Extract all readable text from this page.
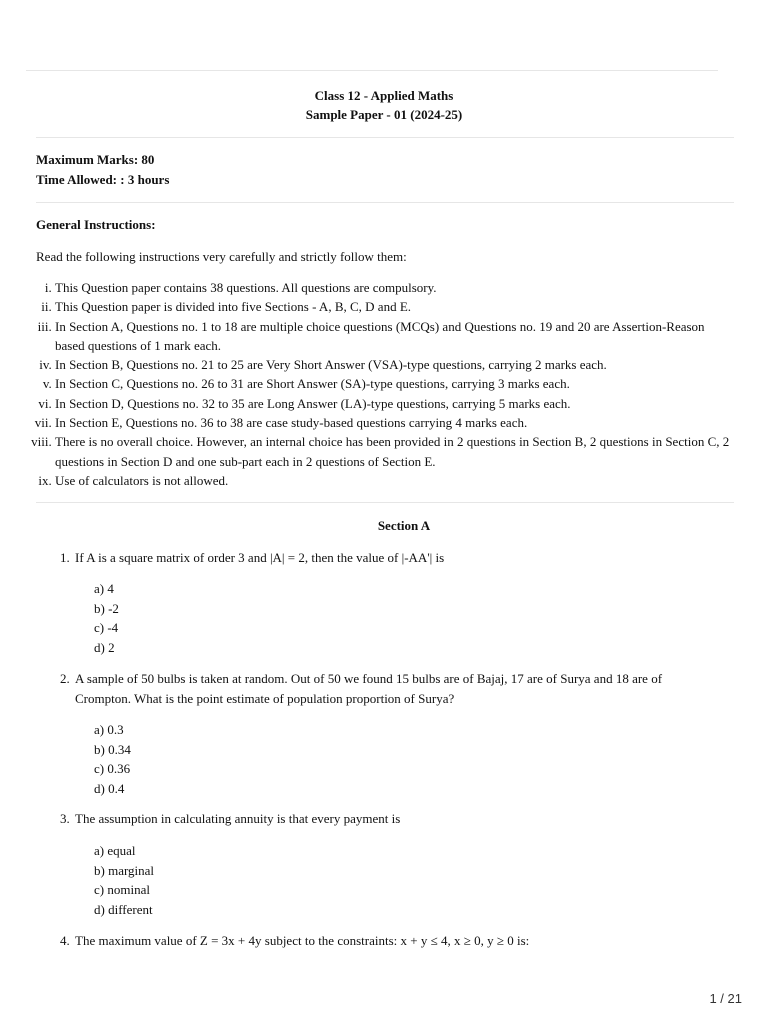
Class 12 - Applied Maths
Sample Paper - 01 (2024-25)
Maximum Marks: 80
Time Allowed: : 3 hours
General Instructions:
Read the following instructions very carefully and strictly follow them:
i. This Question paper contains 38 questions. All questions are compulsory.
ii. This Question paper is divided into five Sections - A, B, C, D and E.
iii. In Section A, Questions no. 1 to 18 are multiple choice questions (MCQs) and Questions no. 19 and 20 are Assertion-Reason based questions of 1 mark each.
iv. In Section B, Questions no. 21 to 25 are Very Short Answer (VSA)-type questions, carrying 2 marks each.
v. In Section C, Questions no. 26 to 31 are Short Answer (SA)-type questions, carrying 3 marks each.
vi. In Section D, Questions no. 32 to 35 are Long Answer (LA)-type questions, carrying 5 marks each.
vii. In Section E, Questions no. 36 to 38 are case study-based questions carrying 4 marks each.
viii. There is no overall choice. However, an internal choice has been provided in 2 questions in Section B, 2 questions in Section C, 2 questions in Section D and one sub-part each in 2 questions of Section E.
ix. Use of calculators is not allowed.
Section A
1. If A is a square matrix of order 3 and |A| = 2, then the value of |-AA'| is
a) 4
b) -2
c) -4
d) 2
2. A sample of 50 bulbs is taken at random. Out of 50 we found 15 bulbs are of Bajaj, 17 are of Surya and 18 are of Crompton. What is the point estimate of population proportion of Surya?
a) 0.3
b) 0.34
c) 0.36
d) 0.4
3. The assumption in calculating annuity is that every payment is
a) equal
b) marginal
c) nominal
d) different
4. The maximum value of Z = 3x + 4y subject to the constraints: x + y ≤ 4, x ≥ 0, y ≥ 0 is:
1 / 21
